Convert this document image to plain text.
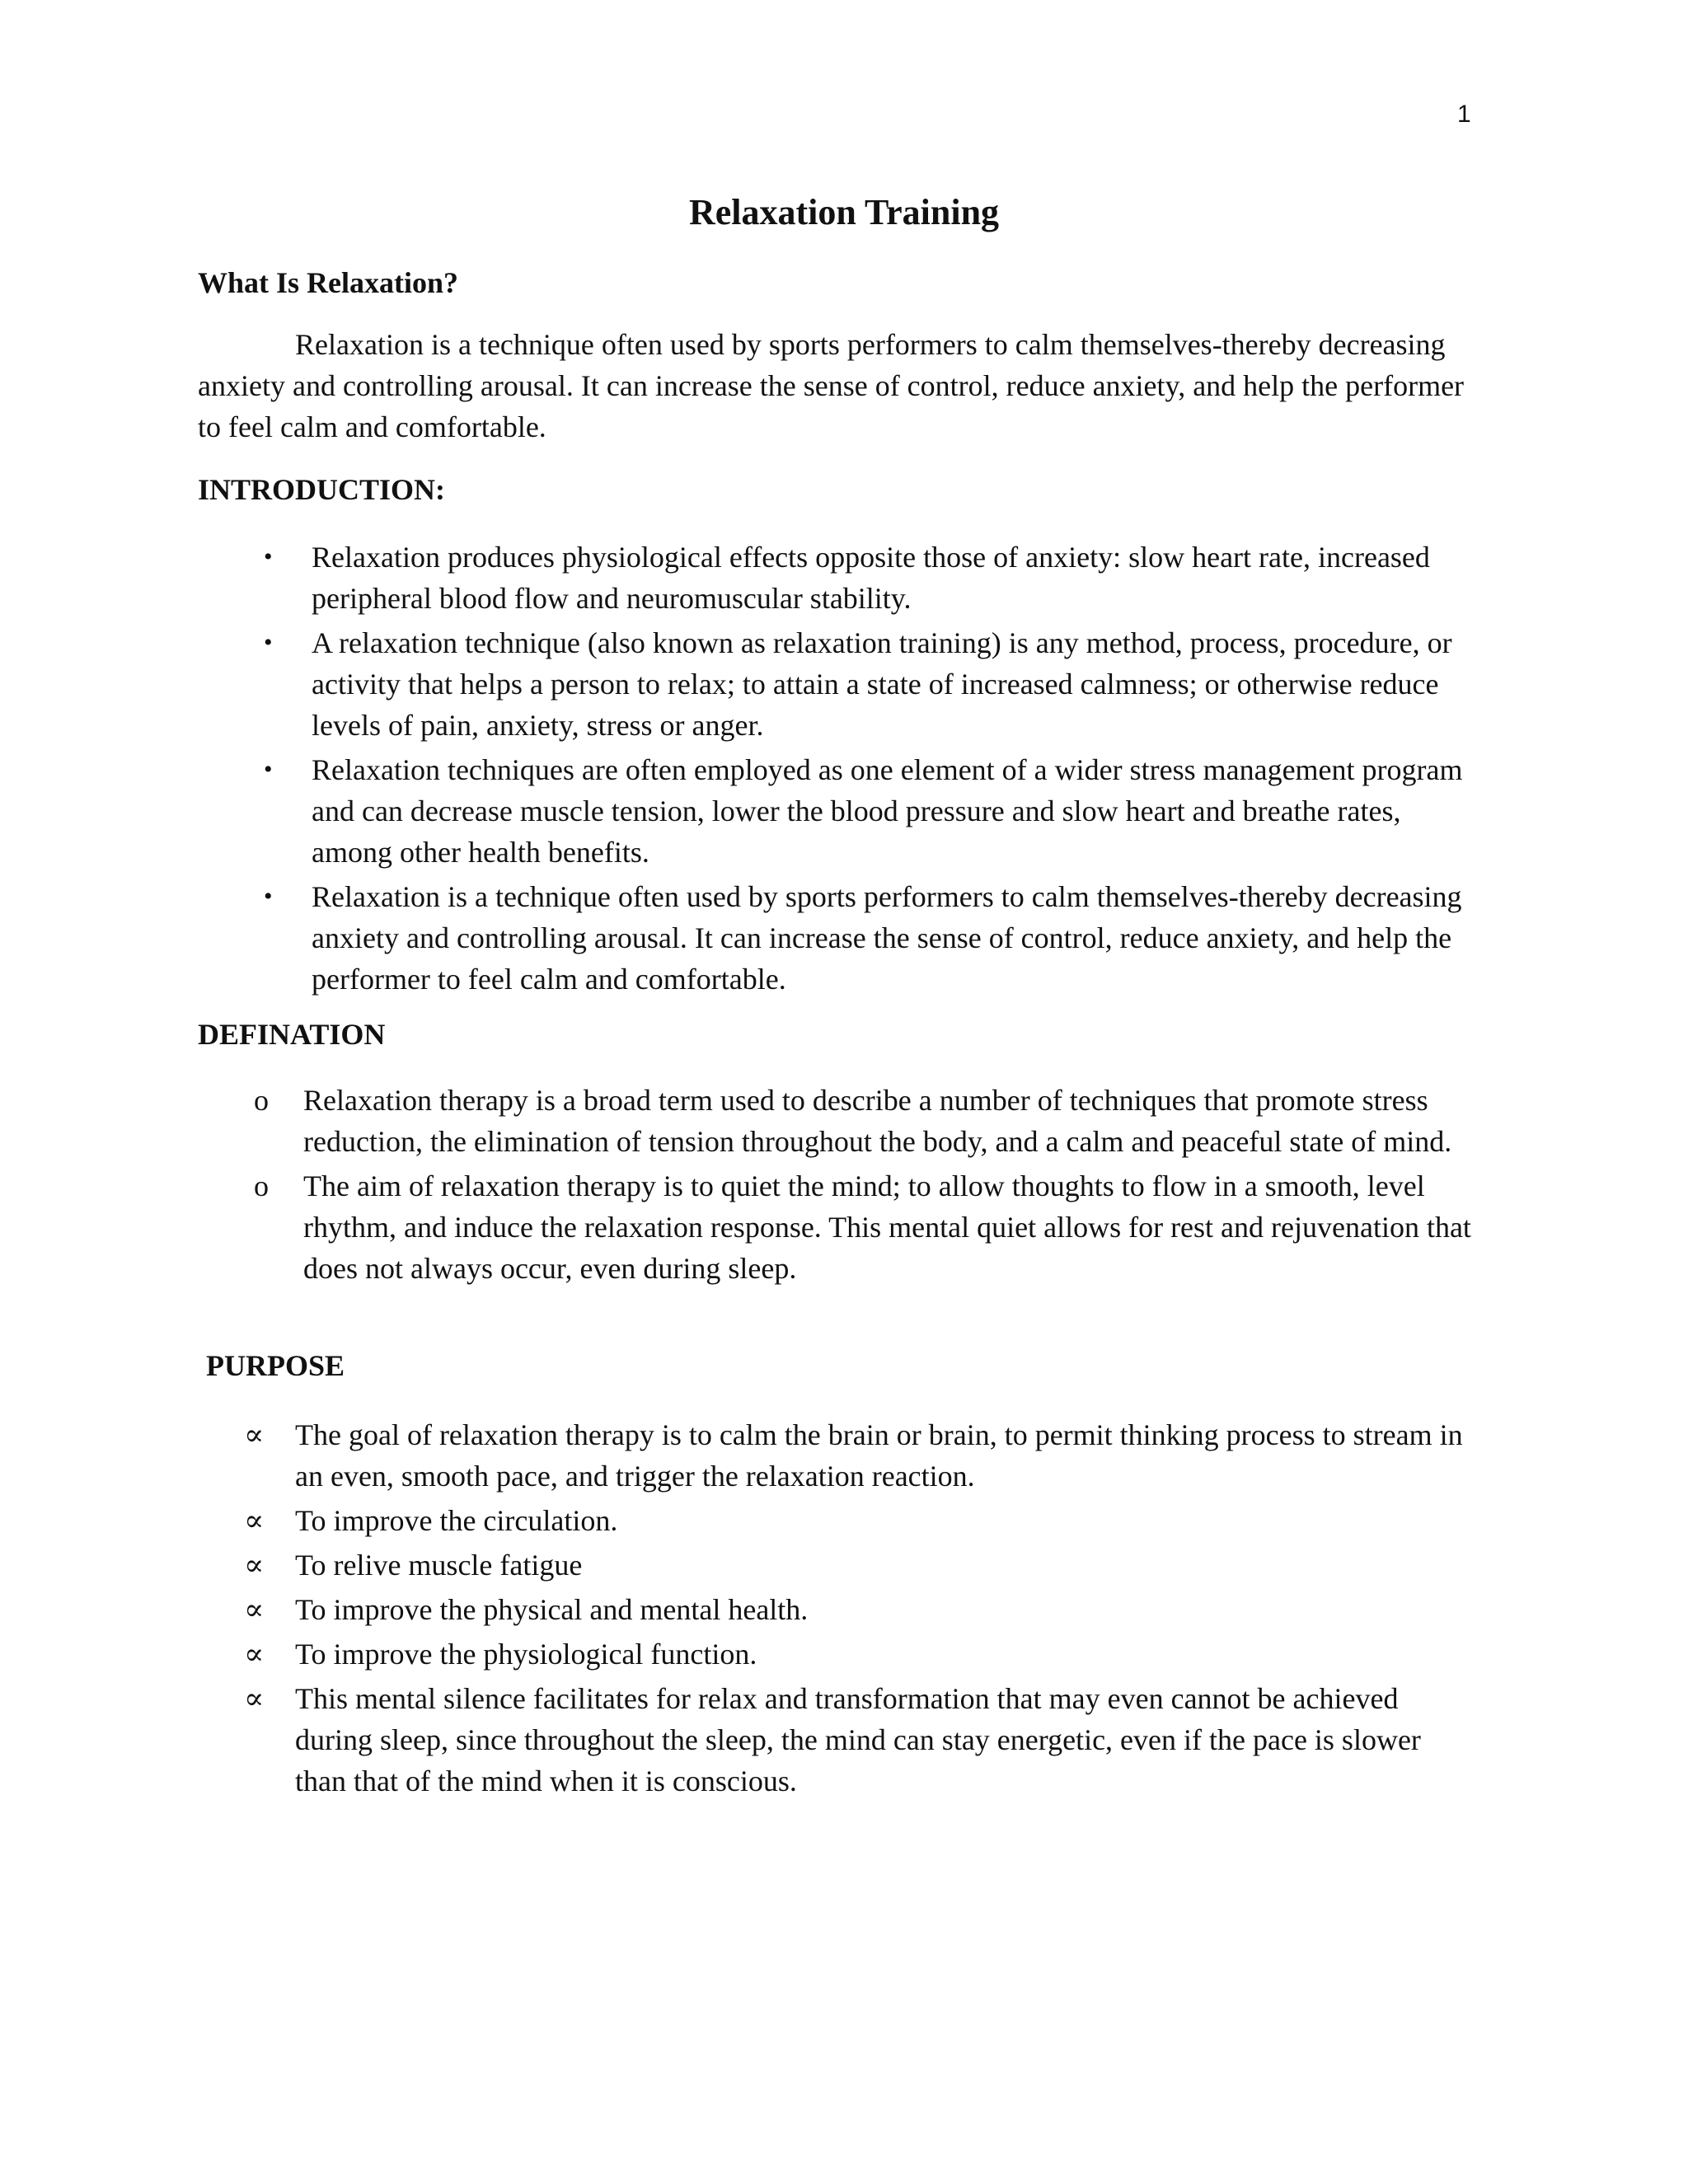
1
Relaxation Training
What Is Relaxation?

Relaxation is a technique often used by sports performers to calm themselves-thereby decreasing anxiety and controlling arousal. It can increase the sense of control, reduce anxiety, and help the performer to feel calm and comfortable.

INTRODUCTION:
• Relaxation produces physiological effects opposite those of anxiety: slow heart rate, increased peripheral blood flow and neuromuscular stability.
• A relaxation technique (also known as relaxation training) is any method, process, procedure, or activity that helps a person to relax; to attain a state of increased calmness; or otherwise reduce levels of pain, anxiety, stress or anger.
• Relaxation techniques are often employed as one element of a wider stress management program and can decrease muscle tension, lower the blood pressure and slow heart and breathe rates, among other health benefits.
• Relaxation is a technique often used by sports performers to calm themselves-thereby decreasing anxiety and controlling arousal. It can increase the sense of control, reduce anxiety, and help the performer to feel calm and comfortable.
DEFINATION
o Relaxation therapy is a broad term used to describe a number of techniques that promote stress reduction, the elimination of tension throughout the body, and a calm and peaceful state of mind.
o The aim of relaxation therapy is to quiet the mind; to allow thoughts to flow in a smooth, level rhythm, and induce the relaxation response. This mental quiet allows for rest and rejuvenation that does not always occur, even during sleep.
PURPOSE
∝ The goal of relaxation therapy is to calm the brain or brain, to permit thinking process to stream in an even, smooth pace, and trigger the relaxation reaction.
∝ To improve the circulation.
∝ To relive muscle fatigue
∝ To improve the physical and mental health.
∝ To improve the physiological function.
∝ This mental silence facilitates for relax and transformation that may even cannot be achieved during sleep, since throughout the sleep, the mind can stay energetic, even if the pace is slower than that of the mind when it is conscious.
